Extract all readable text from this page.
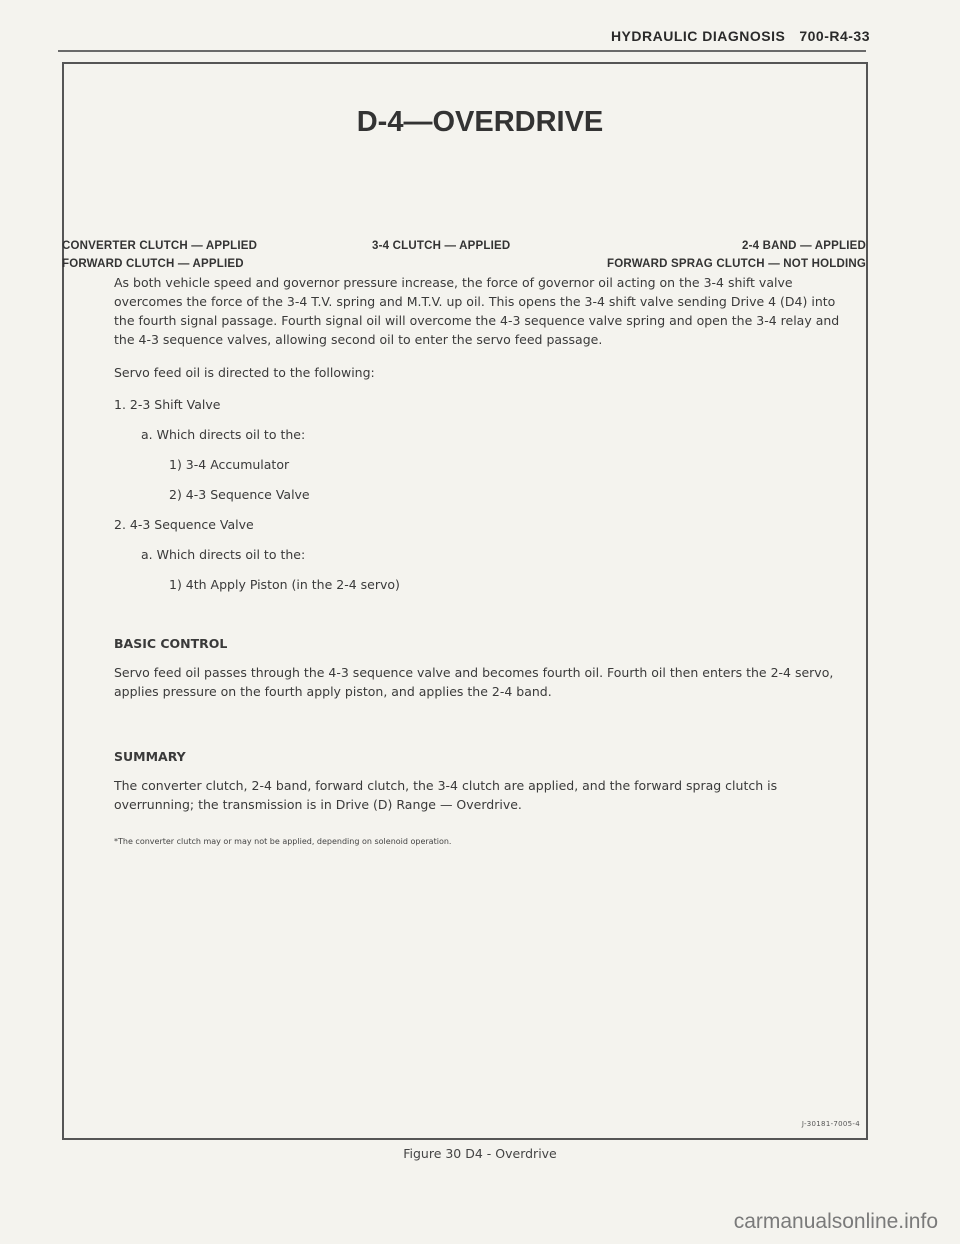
HYDRAULIC DIAGNOSIS 700-R4-33
D-4—OVERDRIVE
CONVERTER CLUTCH — APPLIED
FORWARD CLUTCH — APPLIED
3-4 CLUTCH — APPLIED	2-4 BAND — APPLIED
FORWARD SPRAG CLUTCH — NOT HOLDING

As both vehicle speed and governor pressure increase, the force of governor oil acting on the 3-4 shift valve overcomes the force of the 3-4 T.V. spring and M.T.V. up oil. This opens the 3-4 shift valve sending Drive 4 (D4) into the fourth signal passage. Fourth signal oil will overcome the 4-3 sequence valve spring and open the 3-4 relay and the 4-3 sequence valves, allowing second oil to enter the servo feed passage.

Servo feed oil is directed to the following:

1. 2-3 Shift Valve
a. Which directs oil to the:
1) 3-4 Accumulator
2) 4-3 Sequence Valve
2. 4-3 Sequence Valve
a. Which directs oil to the:
1) 4th Apply Piston (in the 2-4 servo)

BASIC CONTROL

Servo feed oil passes through the 4-3 sequence valve and becomes fourth oil. Fourth oil then enters the 2-4 servo, applies pressure on the fourth apply piston, and applies the 2-4 band.

SUMMARY

The converter clutch, 2-4 band, forward clutch, the 3-4 clutch are applied, and the forward sprag clutch is overrunning; the transmission is in Drive (D) Range — Overdrive.

*The converter clutch may or may not be applied, depending on solenoid operation.

J-30181-7005-4
Figure 30 D4 - Overdrive
carmanualsonline.info
